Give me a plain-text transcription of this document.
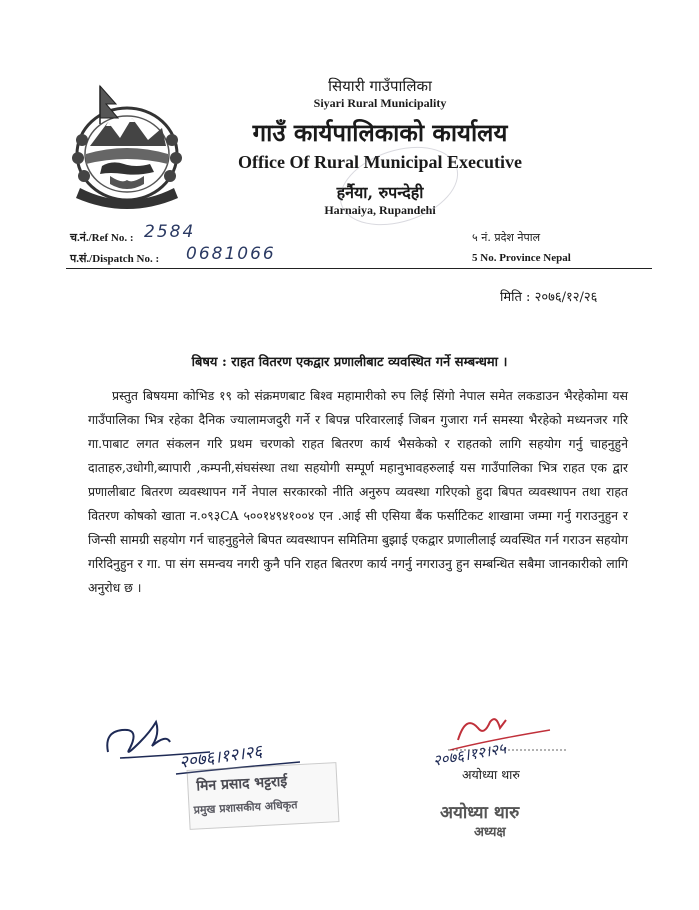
सियारी गाउँपालिका
Siyari Rural Municipality
गाउँ कार्यपालिकाको कार्यालय
Office Of Rural Municipal Executive
हर्नैया, रुपन्देही
Harnaiya, Rupandehi
च.नं./Ref No. : 2584
प.सं./Dispatch No. : 0681066
५ नं. प्रदेश नेपाल
5 No. Province Nepal
मिति : २०७६/१२/२६
बिषय : राहत वितरण एकद्वार प्रणालीबाट व्यवस्थित गर्ने सम्बन्धमा ।

प्रस्तुत बिषयमा कोभिड १९ को संक्रमणबाट बिश्व महामारीको रुप लिई सिंगो नेपाल समेत लकडाउन भैरहेकोमा यस गाउँपालिका भित्र रहेका दैनिक ज्यालामजदुरी गर्ने र बिपन्न परिवारलाई जिबन गुजारा गर्न समस्या भैरहेको मध्यनजर गरि गा.पाबाट लगत संकलन गरि प्रथम चरणको राहत बितरण कार्य भैसकेको र राहतको लागि सहयोग गर्नु चाहनुहुने दाताहरु,उधोगी,ब्यापारी ,कम्पनी,संघसंस्था तथा सहयोगी सम्पूर्ण महानुभावहरुलाई यस गाउँपालिका भित्र राहत एक द्वार प्रणालीबाट बितरण व्यवस्थापन गर्ने नेपाल सरकारको नीति अनुरुप व्यवस्था गरिएको हुदा बिपत व्यवस्थापन तथा राहत वितरण कोषको खाता न.०९३CA ५००१४९४१००४ एन .आई सी एसिया बैंक फर्साटिकट शाखामा जम्मा गर्नु गराउनुहुन र जिन्सी सामग्री सहयोग गर्न चाहनुहुनेले बिपत व्यवस्थापन समितिमा बुझाई एकद्वार प्रणालीलाई व्यवस्थित गर्न गराउन सहयोग गरिदिनुहुन र गा. पा संग समन्वय नगरी कुनै पनि राहत बितरण कार्य नगर्नु नगराउनु हुन सम्बन्धित सबैमा जानकारीको लागि अनुरोध छ ।

२०७६।१२।२६
मिन प्रसाद भट्टराई
प्रमुख प्रशासकीय अधिकृत
२०७६।१२।२५
अयोध्या थारु
अयोध्या थारु
अध्यक्ष
